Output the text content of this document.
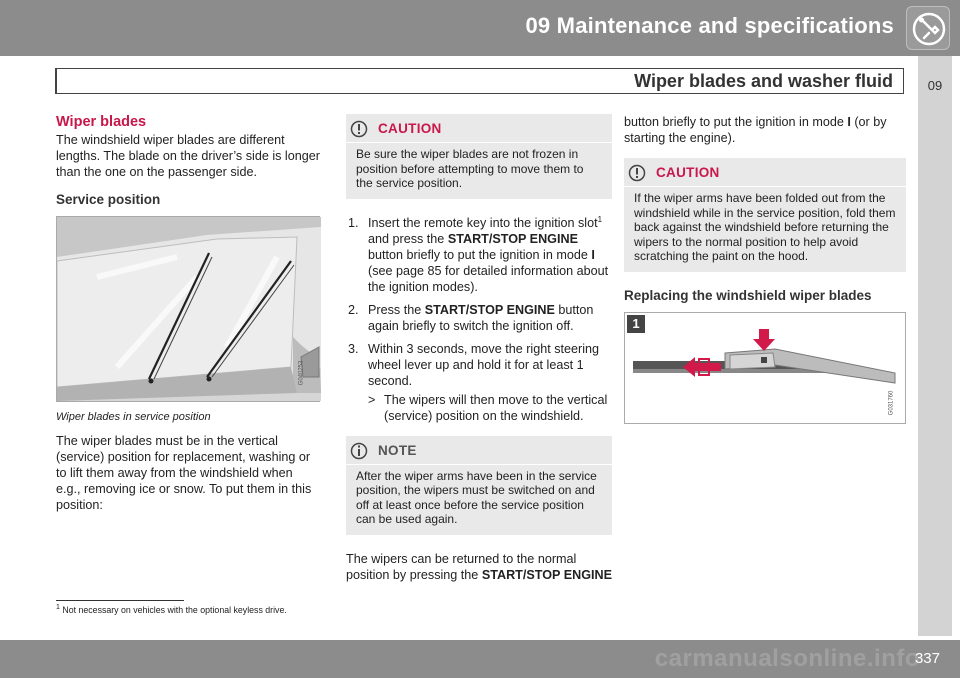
09 Maintenance and specifications
Wiper blades and washer fluid	09
Wiper blades

The windshield wiper blades are different lengths. The blade on the driver’s side is longer than the one on the passenger side.

Service position
G040253
Wiper blades in service position

The wiper blades must be in the vertical (service) position for replacement, washing or to lift them away from the windshield when e.g., removing ice or snow. To put them in this position:

CAUTION
Be sure the wiper blades are not frozen in position before attempting to move them to the service position.
1. Insert the remote key into the ignition slot$^1$ and press the START/STOP ENGINE button briefly to put the ignition in mode I (see page 85 for detailed information about the ignition modes).
2. Press the START/STOP ENGINE button again briefly to switch the ignition off.
3. Within 3 seconds, move the right steering wheel lever up and hold it for at least 1 second.
> The wipers will then move to the vertical (service) position on the windshield.
NOTE
After the wiper arms have been in the service position, the wipers must be switched on and off at least once before the service position can be used again.

The wipers can be returned to the normal position by pressing the START/STOP ENGINE

button briefly to put the ignition in mode I (or by starting the engine).

CAUTION
If the wiper arms have been folded out from the windshield while in the service position, fold them back against the windshield before returning the wipers to the normal position to help avoid scratching the paint on the hood.
Replacing the windshield wiper blades
1
G031760
$^1$ Not necessary on vehicles with the optional keyless drive.
carmanualsonline.info
337
